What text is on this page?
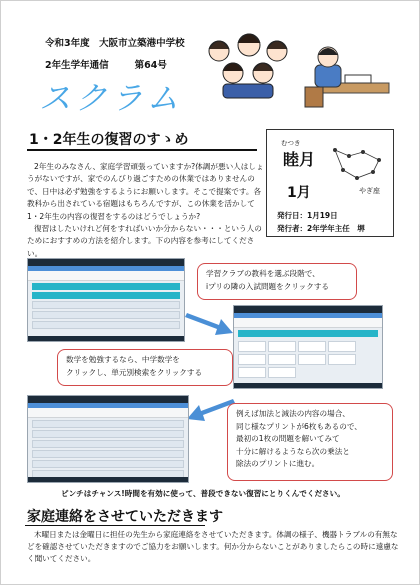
令和3年度　大阪市立築港中学校
2年生学年通信	第64号
スクラム
1・2年生の復習のすゝめ

2年生のみなさん、家庭学習頑張っていますか?体調が悪い人はしょうがないですが、家でのんびり過ごすための休業ではありませんので、日中は必ず勉強をするようにお願いします。そこで提案です。各教科から出されている宿題はもちろんですが、この休業を活かして1・2年生の内容の復習をするのはどうでしょうか?

復習はしたいけれど何をすればいいか分からない・・・という人のためにおすすめの方法を紹介します。下の内容を参考にしてください。

むつき
睦月
1月	やぎ座
発行日：1月19日
発行者：2年学年主任　堺
学習クラブの教科を選ぶ段階で、
iプリの隣の入試問題をクリックする
数学を勉強するなら、中学数学を
クリックし、単元別検索をクリックする
例えば加法と減法の内容の場合、
同じ様なプリントが6枚もあるので、
最初の1枚の問題を解いてみて
十分に解けるようなら次の乗法と
除法のプリントに進む。
ピンチはチャンス!時間を有効に使って、普段できない復習にとりくんでください。
家庭連絡をさせていただきます

木曜日または金曜日に担任の先生から家庭連絡をさせていただきます。体調の様子、機器トラブルの有無などを確認させていただきますのでご協力をお願いします。何か分からないことがありましたらこの時に遠慮なく聞いてください。
